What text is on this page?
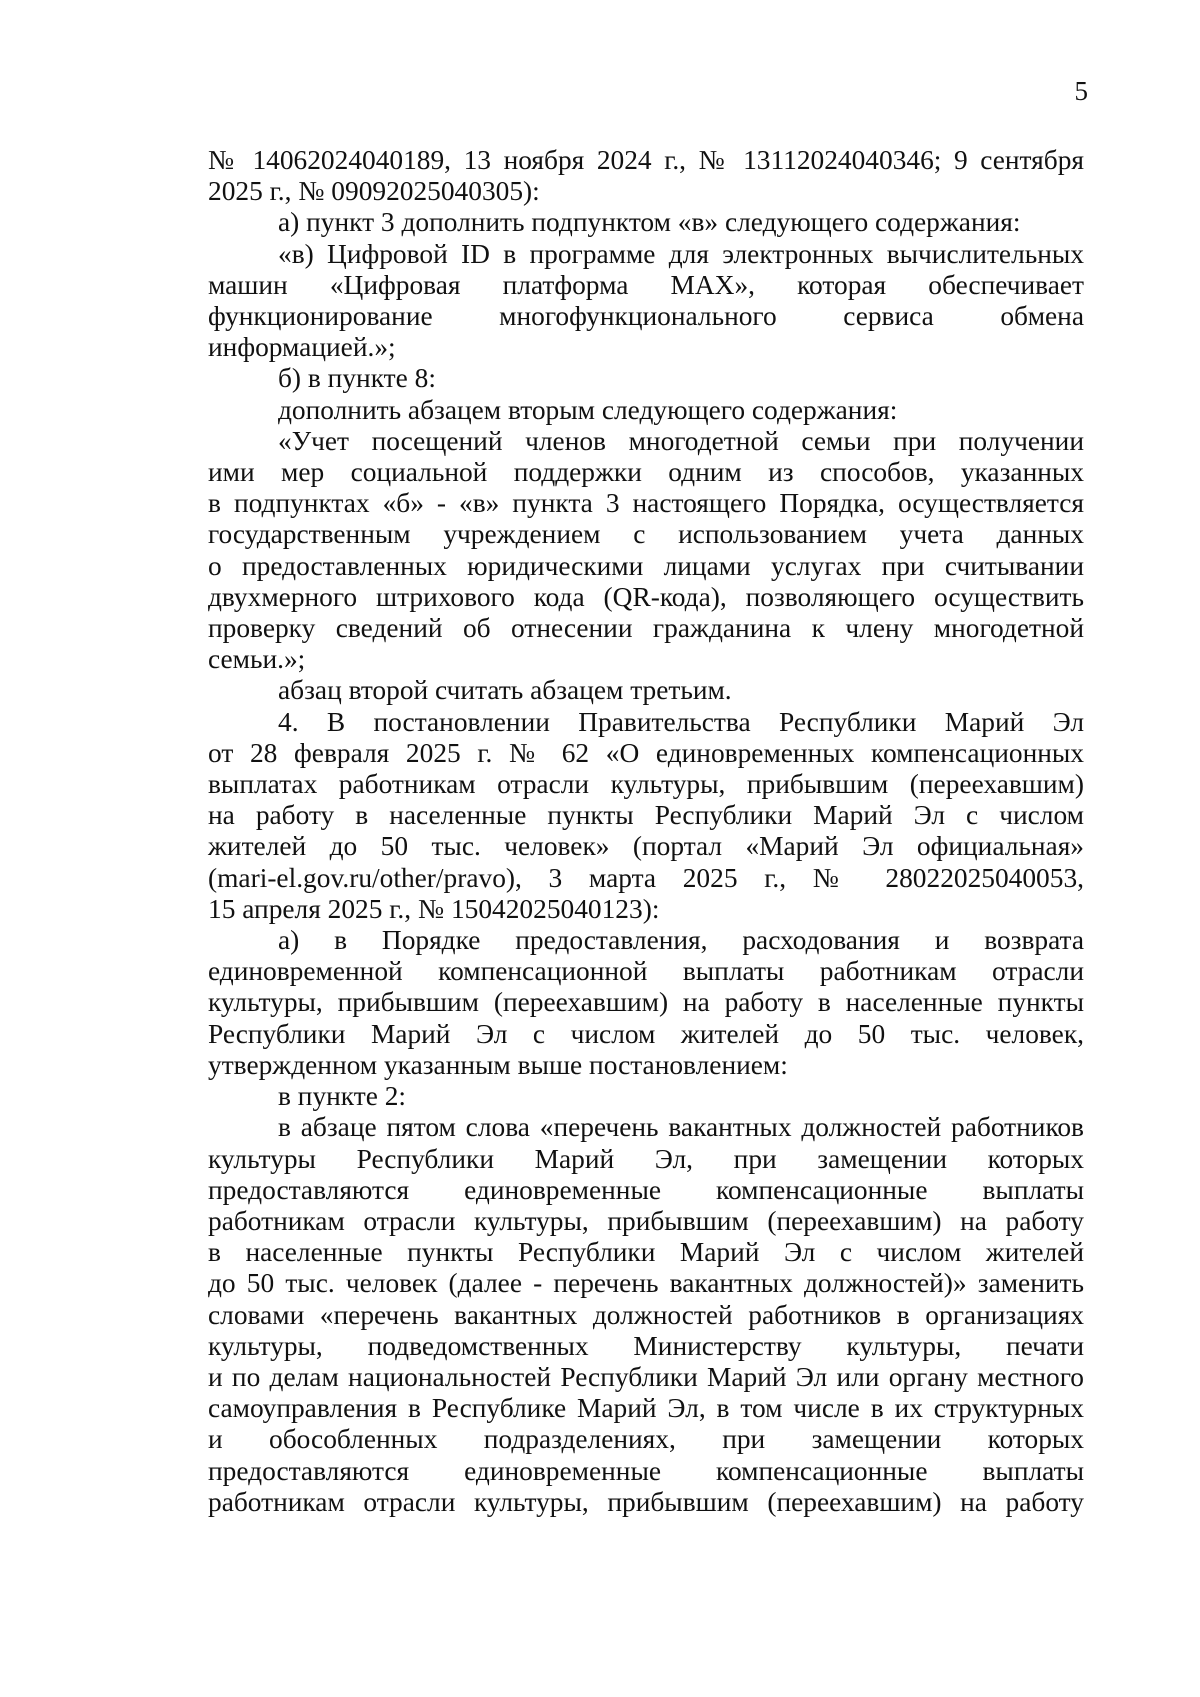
5
№ 14062024040189, 13 ноября 2024 г., № 13112024040346; 9 сентября
2025 г., № 09092025040305):
а) пункт 3 дополнить подпунктом «в» следующего содержания:
«в) Цифровой ID в программе для электронных вычислительных
машин «Цифровая платформа МАХ», которая обеспечивает
функционирование многофункционального сервиса обмена
информацией.»;
б) в пункте 8:
дополнить абзацем вторым следующего содержания:
«Учет посещений членов многодетной семьи при получении
ими мер социальной поддержки одним из способов, указанных
в подпунктах «б» - «в» пункта 3 настоящего Порядка, осуществляется
государственным учреждением с использованием учета данных
о предоставленных юридическими лицами услугах при считывании
двухмерного штрихового кода (QR-кода), позволяющего осуществить
проверку сведений об отнесении гражданина к члену многодетной
семьи.»;
абзац второй считать абзацем третьим.
4. В постановлении Правительства Республики Марий Эл
от 28 февраля 2025 г. № 62 «О единовременных компенсационных
выплатах работникам отрасли культуры, прибывшим (переехавшим)
на работу в населенные пункты Республики Марий Эл с числом
жителей до 50 тыс. человек» (портал «Марий Эл официальная»
(mari-el.gov.ru/other/pravo), 3 марта 2025 г., № 28022025040053,
15 апреля 2025 г., № 15042025040123):
а) в Порядке предоставления, расходования и возврата
единовременной компенсационной выплаты работникам отрасли
культуры, прибывшим (переехавшим) на работу в населенные пункты
Республики Марий Эл с числом жителей до 50 тыс. человек,
утвержденном указанным выше постановлением:
в пункте 2:
в абзаце пятом слова «перечень вакантных должностей работников
культуры Республики Марий Эл, при замещении которых
предоставляются единовременные компенсационные выплаты
работникам отрасли культуры, прибывшим (переехавшим) на работу
в населенные пункты Республики Марий Эл с числом жителей
до 50 тыс. человек (далее - перечень вакантных должностей)» заменить
словами «перечень вакантных должностей работников в организациях
культуры, подведомственных Министерству культуры, печати
и по делам национальностей Республики Марий Эл или органу местного
самоуправления в Республике Марий Эл, в том числе в их структурных
и обособленных подразделениях, при замещении которых
предоставляются единовременные компенсационные выплаты
работникам отрасли культуры, прибывшим (переехавшим) на работу
